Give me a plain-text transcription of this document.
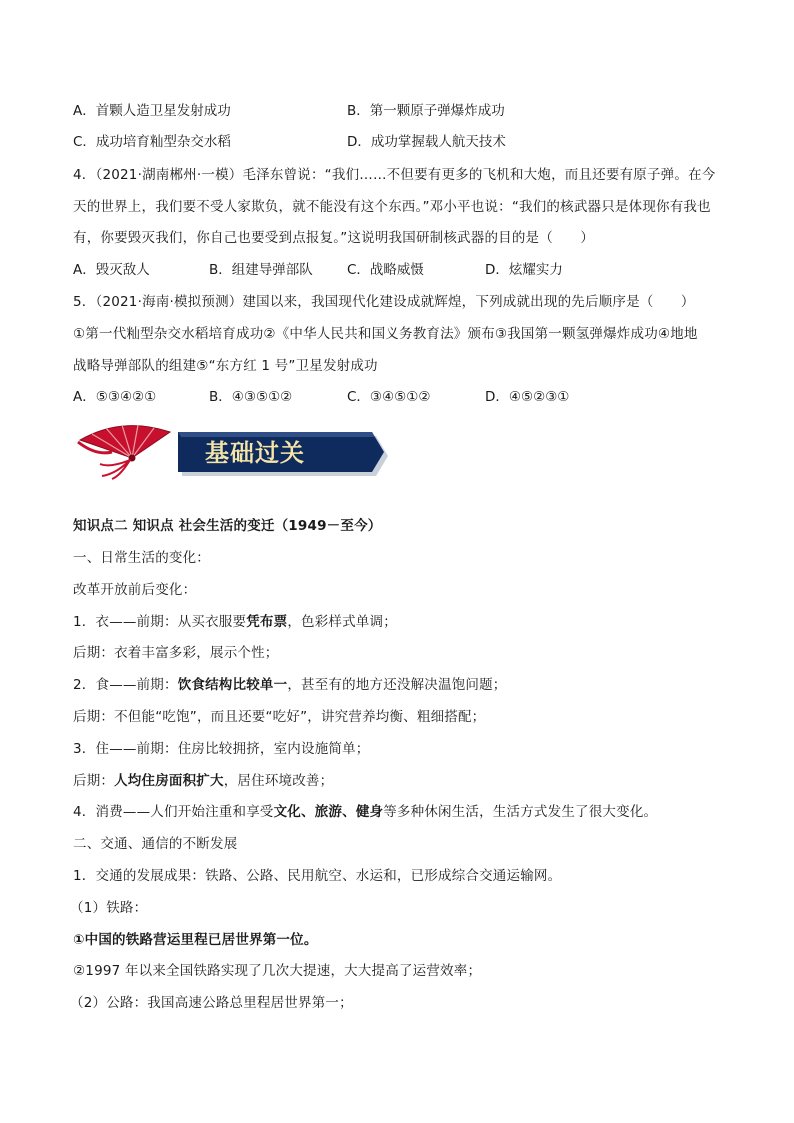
A．首颗人造卫星发射成功	B．第一颗原子弹爆炸成功
C．成功培育籼型杂交水稻	D．成功掌握载人航天技术
4．（2021·湖南郴州·一模）毛泽东曾说：“我们……不但要有更多的飞机和大炮，而且还要有原子弹。在今
天的世界上，我们要不受人家欺负，就不能没有这个东西。”邓小平也说：“我们的核武器只是体现你有我也
有，你要毁灭我们，你自己也要受到点报复。”这说明我国研制核武器的目的是（　　）
A．毁灭敌人	B．组建导弹部队	C．战略威慑	D．炫耀实力
5．（2021·海南·模拟预测）建国以来，我国现代化建设成就辉煌，下列成就出现的先后顺序是（　　）
①第一代籼型杂交水稻培育成功②《中华人民共和国义务教育法》颁布③我国第一颗氢弹爆炸成功④地地
战略导弹部队的组建⑤“东方红 1 号”卫星发射成功
A．⑤③④②①	B．④③⑤①②	C．③④⑤①②	D．④⑤②③①
基础过关
知识点二 知识点 社会生活的变迁（1949－至今）
一、日常生活的变化：
改革开放前后变化：
1．衣——前期：从买衣服要凭布票，色彩样式单调；
后期：衣着丰富多彩，展示个性；
2．食——前期：饮食结构比较单一，甚至有的地方还没解决温饱问题；
后期：不但能“吃饱”，而且还要“吃好”，讲究营养均衡、粗细搭配；
3．住——前期：住房比较拥挤，室内设施简单；
后期：人均住房面积扩大，居住环境改善；
4．消费——人们开始注重和享受文化、旅游、健身等多种休闲生活，生活方式发生了很大变化。
二、交通、通信的不断发展
1．交通的发展成果：铁路、公路、民用航空、水运和，已形成综合交通运输网。
（1）铁路：
①中国的铁路营运里程已居世界第一位。
②1997 年以来全国铁路实现了几次大提速，大大提高了运营效率；
（2）公路：我国高速公路总里程居世界第一；
